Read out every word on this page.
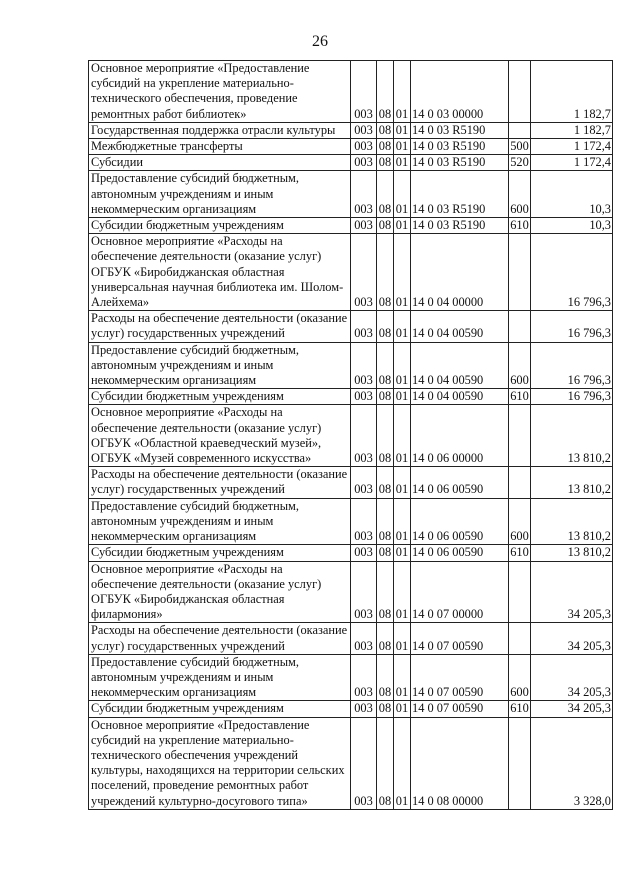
26
Основное мероприятие «Предоставление субсидий на укрепление материально-технического обеспечения, проведение ремонтных работ библиотек»	003	08	01	14 0 03 00000		1 182,7
Государственная поддержка отрасли культуры	003	08	01	14 0 03 R5190		1 182,7
Межбюджетные трансферты	003	08	01	14 0 03 R5190	500	1 172,4
Субсидии	003	08	01	14 0 03 R5190	520	1 172,4
Предоставление субсидий бюджетным, автономным учреждениям и иным некоммерческим организациям	003	08	01	14 0 03 R5190	600	10,3
Субсидии бюджетным учреждениям	003	08	01	14 0 03 R5190	610	10,3
Основное мероприятие «Расходы на обеспечение деятельности (оказание услуг) ОГБУК «Биробиджанская областная универсальная научная библиотека им. Шолом-Алейхема»	003	08	01	14 0 04 00000		16 796,3
Расходы на обеспечение деятельности (оказание услуг) государственных учреждений	003	08	01	14 0 04 00590		16 796,3
Предоставление субсидий бюджетным, автономным учреждениям и иным некоммерческим организациям	003	08	01	14 0 04 00590	600	16 796,3
Субсидии бюджетным учреждениям	003	08	01	14 0 04 00590	610	16 796,3
Основное мероприятие «Расходы на обеспечение деятельности (оказание услуг) ОГБУК «Областной краеведческий музей», ОГБУК «Музей современного искусства»	003	08	01	14 0 06 00000		13 810,2
Расходы на обеспечение деятельности (оказание услуг) государственных учреждений	003	08	01	14 0 06 00590		13 810,2
Предоставление субсидий бюджетным, автономным учреждениям и иным некоммерческим организациям	003	08	01	14 0 06 00590	600	13 810,2
Субсидии бюджетным учреждениям	003	08	01	14 0 06 00590	610	13 810,2
Основное мероприятие «Расходы на обеспечение деятельности (оказание услуг) ОГБУК «Биробиджанская областная филармония»	003	08	01	14 0 07 00000		34 205,3
Расходы на обеспечение деятельности (оказание услуг) государственных учреждений	003	08	01	14 0 07 00590		34 205,3
Предоставление субсидий бюджетным, автономным учреждениям и иным некоммерческим организациям	003	08	01	14 0 07 00590	600	34 205,3
Субсидии бюджетным учреждениям	003	08	01	14 0 07 00590	610	34 205,3
Основное мероприятие «Предоставление субсидий на укрепление материально-технического обеспечения учреждений культуры, находящихся на территории сельских поселений, проведение ремонтных работ учреждений культурно-досугового типа»	003	08	01	14 0 08 00000		3 328,0
